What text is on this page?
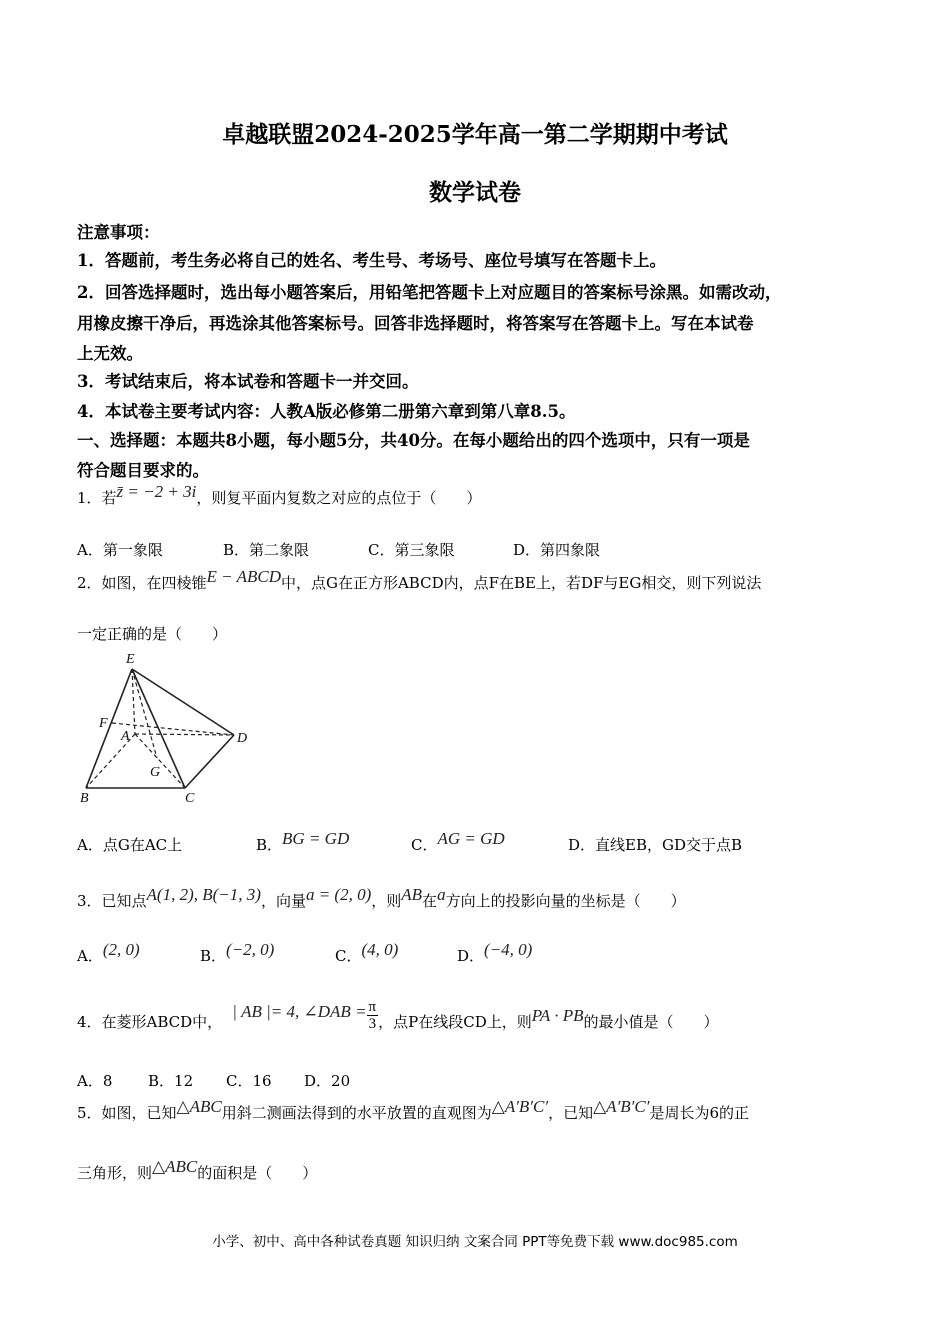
卓越联盟2024-2025学年高一第二学期期中考试
数学试卷
注意事项：
1．答题前，考生务必将自己的姓名、考生号、考场号、座位号填写在答题卡上。
2．回答选择题时，选出每小题答案后，用铅笔把答题卡上对应题目的答案标号涂黑。如需改动，
用橡皮擦干净后，再选涂其他答案标号。回答非选择题时，将答案写在答题卡上。写在本试卷
上无效。
3．考试结束后，将本试卷和答题卡一并交回。
4．本试卷主要考试内容：人教A版必修第二册第六章到第八章8.5。
一、选择题：本题共8小题，每小题5分，共40分。在每小题给出的四个选项中，只有一项是
符合题目要求的。
1．若z̄ = −2 + 3i，则复平面内复数之对应的点位于（　　）
A．第一象限	B．第二象限	C．第三象限	D．第四象限
2．如图，在四棱锥E − ABCD中，点G在正方形ABCD内，点F在BE上，若DF与EG相交，则下列说法
一定正确的是（　　）
E
F
A	D
G
B	C
A．点G在AC上	B．BG = GD	C．AG = GD	D．直线EB，GD交于点B
3．已知点A(1, 2), B(−1, 3)，向量a = (2, 0)，则AB在a方向上的投影向量的坐标是（　　）
A．(2, 0)	B．(−2, 0)	C．(4, 0)	D．(−4, 0)
4．在菱形ABCD中，| AB |= 4, ∠DAB = $\frac{\pi}{3}$ ，点P在线段CD上，则PA · PB的最小值是（　　）
A．8 B．12 C．16 D．20
5．如图，已知△ABC用斜二测画法得到的水平放置的直观图为△A′B′C′，已知△A′B′C′是周长为6的正
三角形，则△ABC的面积是（　　）
小学、初中、高中各种试卷真题 知识归纳 文案合同 PPT等免费下载 www.doc985.com
